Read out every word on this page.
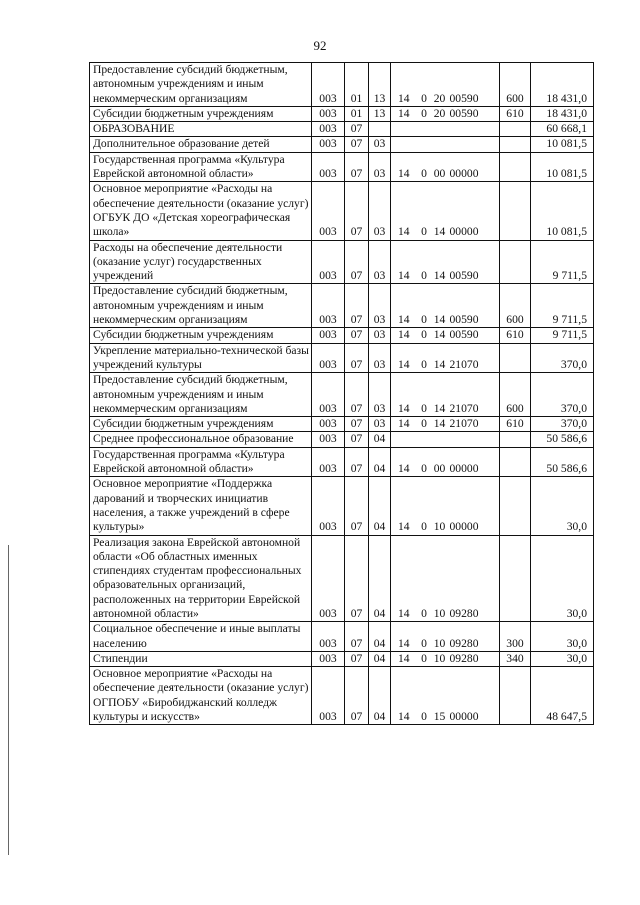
92
Предоставление субсидий бюджетным, автономным учреждениям и иным некоммерческим организациям	003	01	13	14	0	20	00590	600	18 431,0
Субсидии бюджетным учреждениям	003	01	13	14	0	20	00590	610	18 431,0
ОБРАЗОВАНИЕ	003	07							60 668,1
Дополнительное образование детей	003	07	03						10 081,5
Государственная программа «Культура Еврейской автономной области»	003	07	03	14	0	00	00000		10 081,5
Основное мероприятие «Расходы на обеспечение деятельности (оказание услуг) ОГБУК ДО «Детская хореографическая школа»	003	07	03	14	0	14	00000		10 081,5
Расходы на обеспечение деятельности (оказание услуг) государственных учреждений	003	07	03	14	0	14	00590		9 711,5
Предоставление субсидий бюджетным, автономным учреждениям и иным некоммерческим организациям	003	07	03	14	0	14	00590	600	9 711,5
Субсидии бюджетным учреждениям	003	07	03	14	0	14	00590	610	9 711,5
Укрепление материально-технической базы учреждений культуры	003	07	03	14	0	14	21070		370,0
Предоставление субсидий бюджетным, автономным учреждениям и иным некоммерческим организациям	003	07	03	14	0	14	21070	600	370,0
Субсидии бюджетным учреждениям	003	07	03	14	0	14	21070	610	370,0
Среднее профессиональное образование	003	07	04						50 586,6
Государственная программа «Культура Еврейской автономной области»	003	07	04	14	0	00	00000		50 586,6
Основное мероприятие «Поддержка дарований и творческих инициатив населения, а также учреждений в сфере культуры»	003	07	04	14	0	10	00000		30,0
Реализация закона Еврейской автономной области «Об областных именных стипендиях студентам профессиональных образовательных организаций, расположенных на территории Еврейской автономной области»	003	07	04	14	0	10	09280		30,0
Социальное обеспечение и иные выплаты населению	003	07	04	14	0	10	09280	300	30,0
Стипендии	003	07	04	14	0	10	09280	340	30,0
Основное мероприятие «Расходы на обеспечение деятельности (оказание услуг) ОГПОБУ «Биробиджанский колледж культуры и искусств»	003	07	04	14	0	15	00000		48 647,5
